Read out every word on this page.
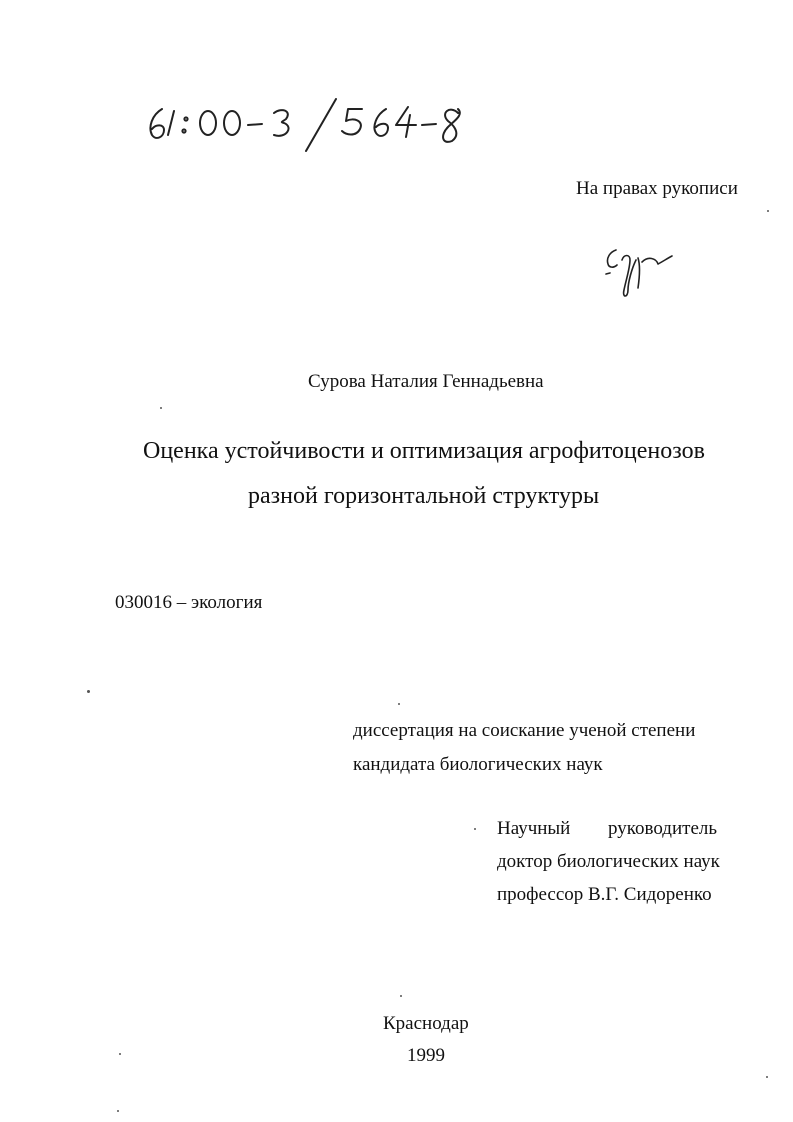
На правах рукописи
Сурова Наталия Геннадьевна
Оценка устойчивости и оптимизация агрофитоценозов
разной горизонтальной структуры
030016 – экология
диссертация на соискание ученой степени
кандидата биологических наук
Научный руководитель
доктор биологических наук
профессор В.Г. Сидоренко
Краснодар
1999
